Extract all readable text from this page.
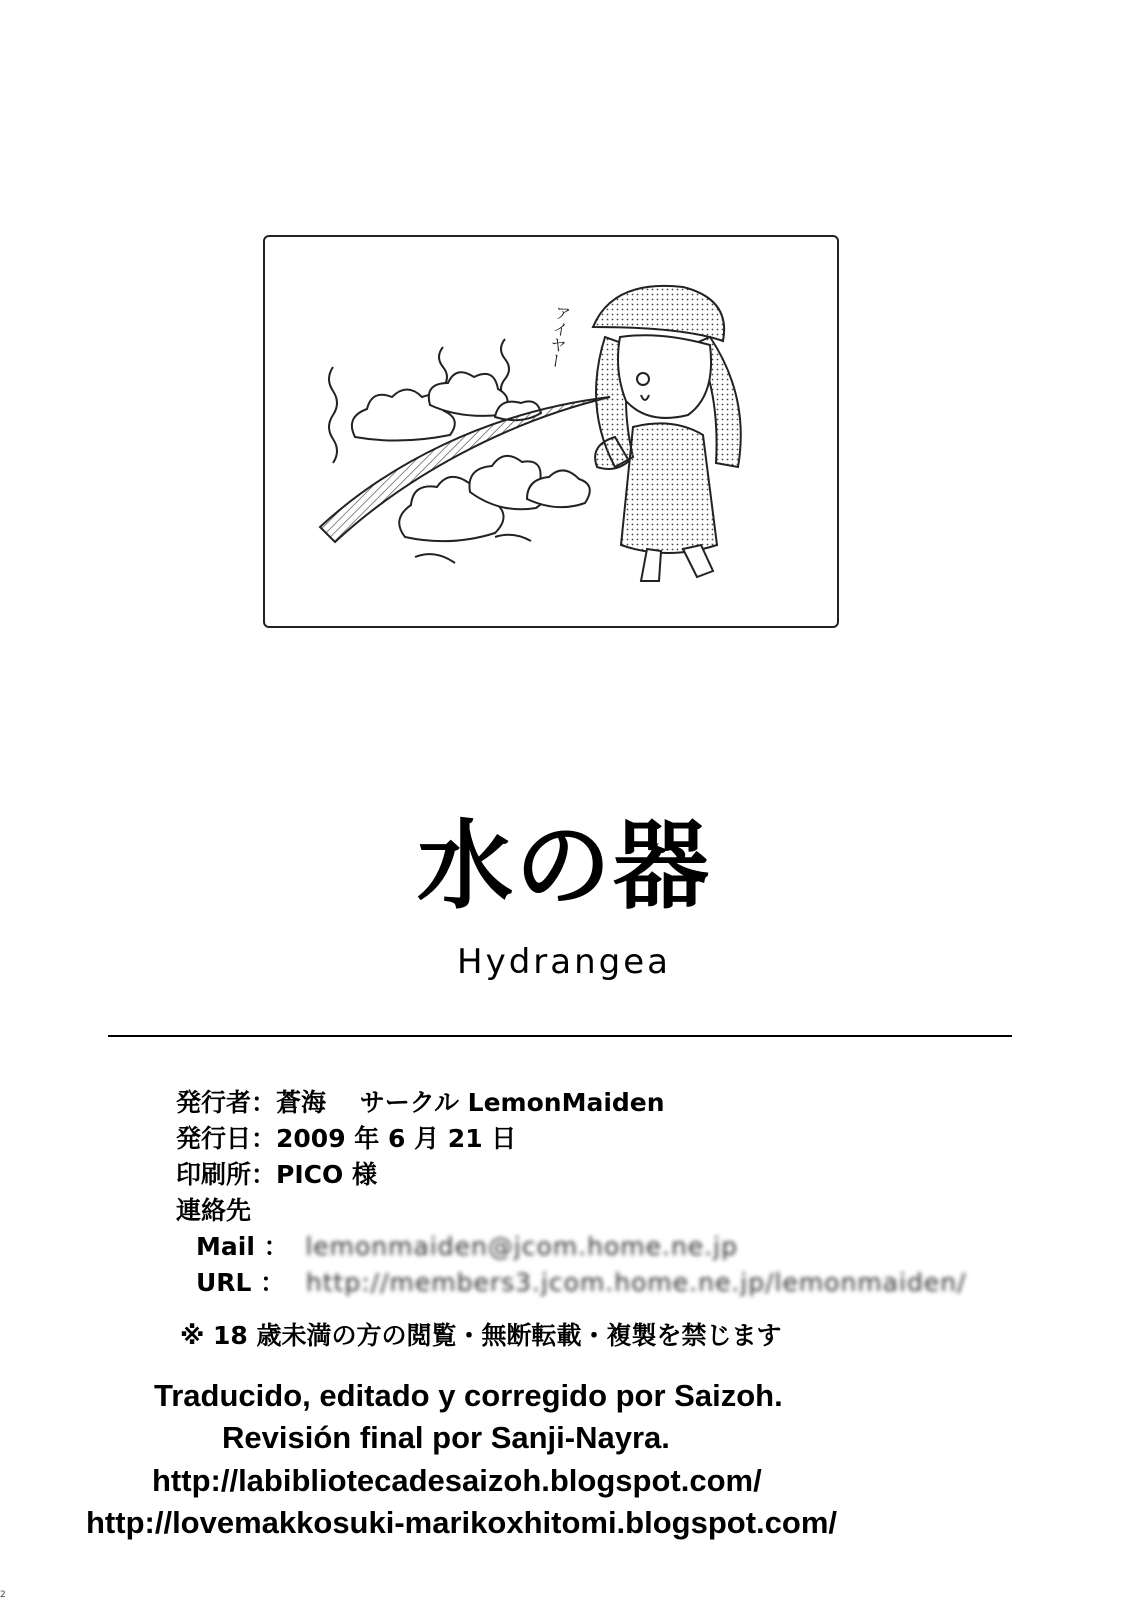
アイヤー
水の器
Hydrangea
発行者：蒼海　 サークル LemonMaiden
発行日：2009 年 6 月 21 日
印刷所：PICO 様
連絡先
Mail ： lemonmaiden@jcom.home.ne.jp
URL ： http://members3.jcom.home.ne.jp/lemonmaiden/
※ 18 歳未満の方の閲覧・無断転載・複製を禁じます
Traducido, editado y corregido por Saizoh.
Revisión final por Sanji-Nayra.
http://labibliotecadesaizoh.blogspot.com/
http://lovemakkosuki-marikoxhitomi.blogspot.com/
2
